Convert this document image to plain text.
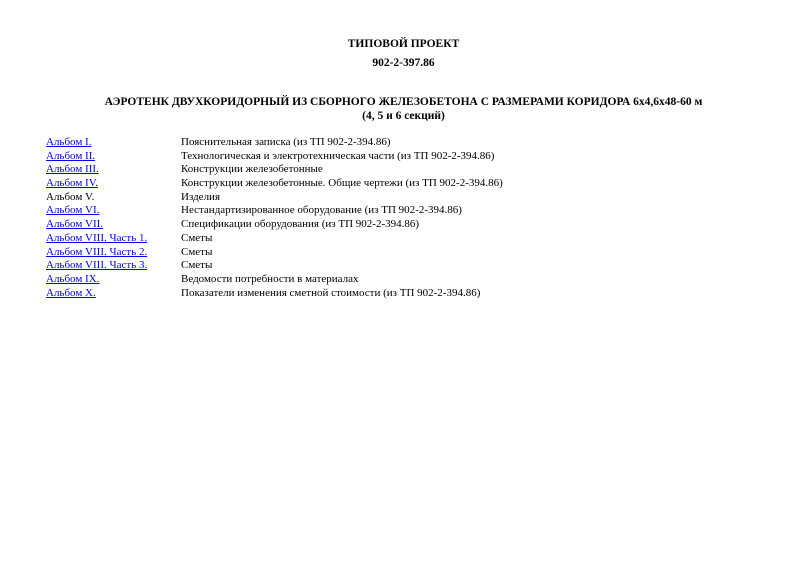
ТИПОВОЙ ПРОЕКТ
902-2-397.86
АЭРОТЕНК ДВУХКОРИДОРНЫЙ ИЗ СБОРНОГО ЖЕЛЕЗОБЕТОНА С РАЗМЕРАМИ КОРИДОРА 6х4,6х48-60 м
(4, 5 и 6 секций)
Альбом I.	Пояснительная записка (из ТП 902-2-394.86)
Альбом II.	Технологическая и электротехническая части (из ТП 902-2-394.86)
Альбом III.	Конструкции железобетонные
Альбом IV.	Конструкции железобетонные. Общие чертежи (из ТП 902-2-394.86)
Альбом V.	Изделия
Альбом VI.	Нестандартизированное оборудование (из ТП 902-2-394.86)
Альбом VII.	Спецификации оборудования (из ТП 902-2-394.86)
Альбом VIII. Часть 1.	Сметы
Альбом VIII. Часть 2.	Сметы
Альбом VIII. Часть 3.	Сметы
Альбом IX.	Ведомости потребности в материалах
Альбом X.	Показатели изменения сметной стоимости (из ТП 902-2-394.86)
